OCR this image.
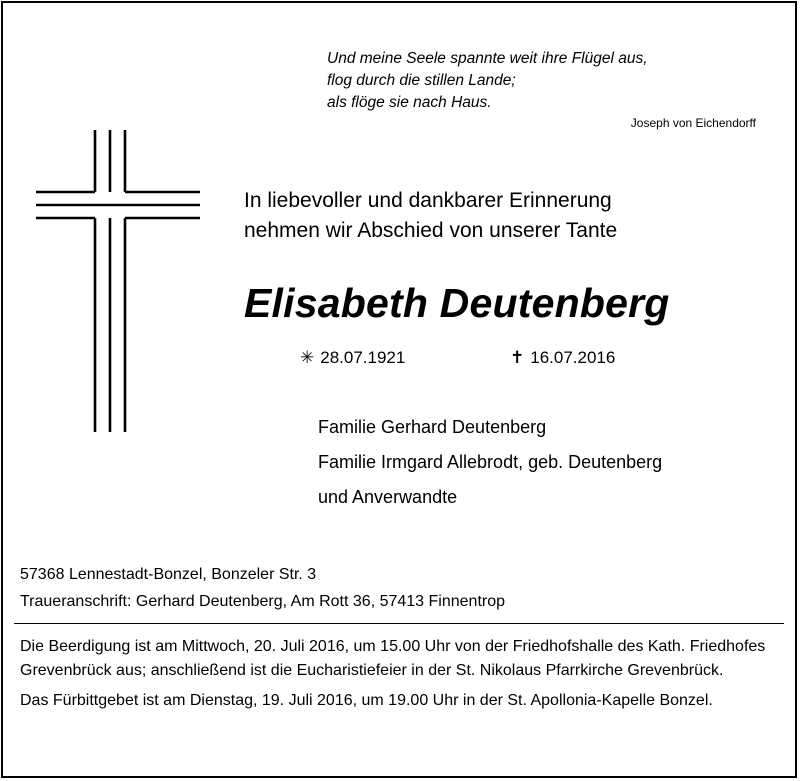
Und meine Seele spannte weit ihre Flügel aus,
flog durch die stillen Lande;
als flöge sie nach Haus.
Joseph von Eichendorff
In liebevoller und dankbarer Erinnerung
nehmen wir Abschied von unserer Tante
Elisabeth Deutenberg
✳ 28.07.1921	✝ 16.07.2016
Familie Gerhard Deutenberg
Familie Irmgard Allebrodt, geb. Deutenberg
und Anverwandte
57368 Lennestadt-Bonzel, Bonzeler Str. 3
Traueranschrift: Gerhard Deutenberg, Am Rott 36, 57413 Finnentrop

Die Beerdigung ist am Mittwoch, 20. Juli 2016, um 15.00 Uhr von der Friedhofshalle des Kath. Friedhofes Grevenbrück aus; anschließend ist die Eucharistiefeier in der St. Nikolaus Pfarrkirche Grevenbrück.

Das Fürbittgebet ist am Dienstag, 19. Juli 2016, um 19.00 Uhr in der St. Apollonia-Kapelle Bonzel.
